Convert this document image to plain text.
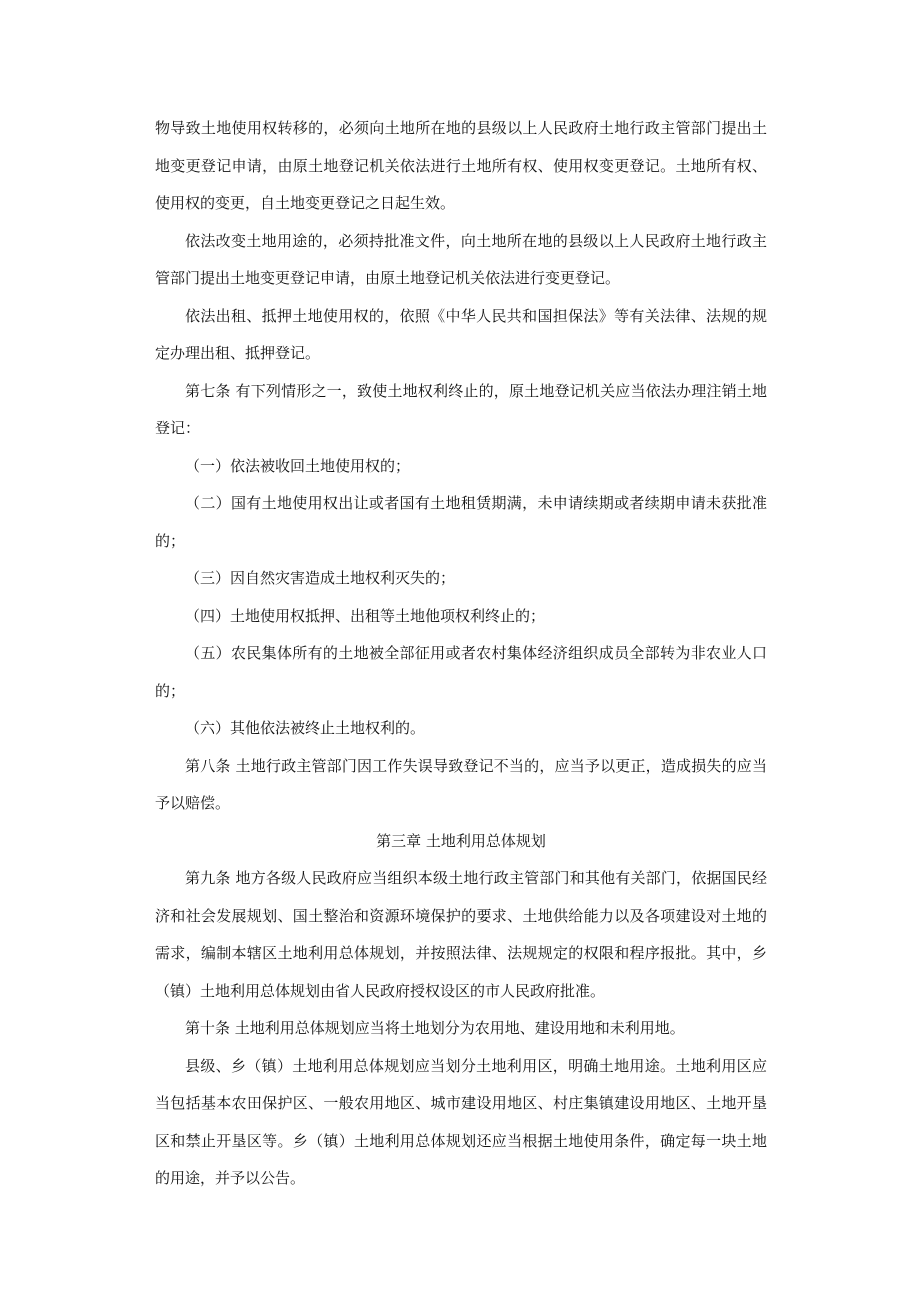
物导致土地使用权转移的，必须向土地所在地的县级以上人民政府土地行政主管部门提出土地变更登记申请，由原土地登记机关依法进行土地所有权、使用权变更登记。土地所有权、使用权的变更，自土地变更登记之日起生效。

依法改变土地用途的，必须持批准文件，向土地所在地的县级以上人民政府土地行政主管部门提出土地变更登记申请，由原土地登记机关依法进行变更登记。

依法出租、抵押土地使用权的，依照《中华人民共和国担保法》等有关法律、法规的规定办理出租、抵押登记。

第七条 有下列情形之一，致使土地权利终止的，原土地登记机关应当依法办理注销土地登记：

（一）依法被收回土地使用权的；

（二）国有土地使用权出让或者国有土地租赁期满，未申请续期或者续期申请未获批准的；

（三）因自然灾害造成土地权利灭失的；

（四）土地使用权抵押、出租等土地他项权利终止的；

（五）农民集体所有的土地被全部征用或者农村集体经济组织成员全部转为非农业人口的；

（六）其他依法被终止土地权利的。

第八条 土地行政主管部门因工作失误导致登记不当的，应当予以更正，造成损失的应当予以赔偿。

第三章 土地利用总体规划

第九条 地方各级人民政府应当组织本级土地行政主管部门和其他有关部门，依据国民经济和社会发展规划、国土整治和资源环境保护的要求、土地供给能力以及各项建设对土地的需求，编制本辖区土地利用总体规划，并按照法律、法规规定的权限和程序报批。其中，乡（镇）土地利用总体规划由省人民政府授权设区的市人民政府批准。

第十条 土地利用总体规划应当将土地划分为农用地、建设用地和未利用地。

县级、乡（镇）土地利用总体规划应当划分土地利用区，明确土地用途。土地利用区应当包括基本农田保护区、一般农用地区、城市建设用地区、村庄集镇建设用地区、土地开垦区和禁止开垦区等。乡（镇）土地利用总体规划还应当根据土地使用条件，确定每一块土地的用途，并予以公告。
